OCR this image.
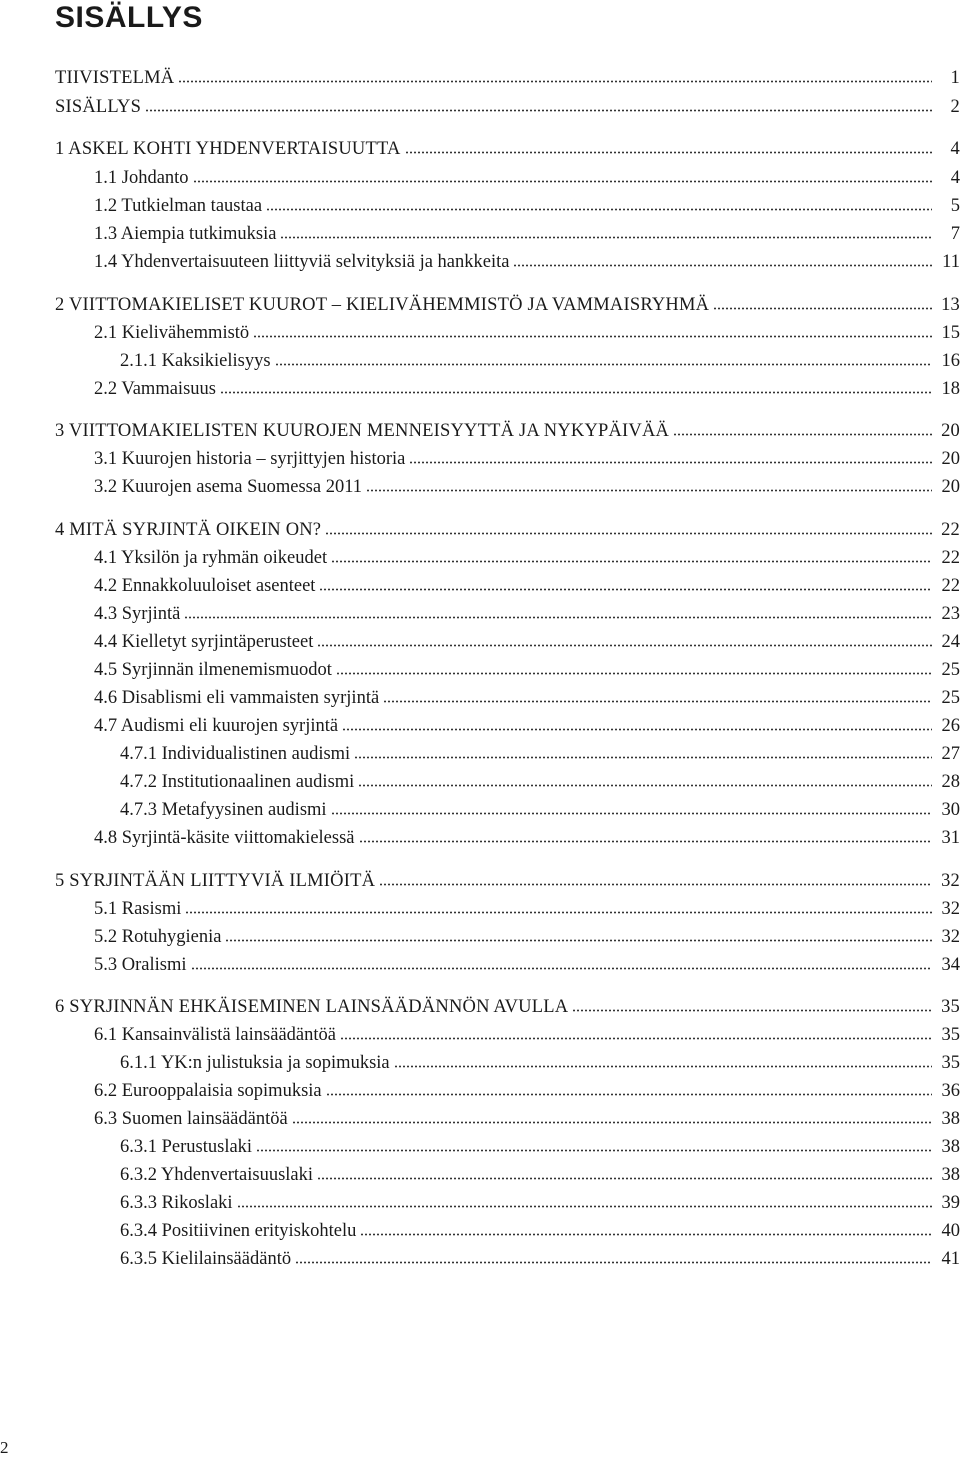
SISÄLLYS
TIIVISTELMÄ	1
SISÄLLYS	2
1 ASKEL KOHTI YHDENVERTAISUUTTA	4
1.1 Johdanto	4
1.2 Tutkielman taustaa	5
1.3 Aiempia tutkimuksia	7
1.4 Yhdenvertaisuuteen liittyviä selvityksiä ja hankkeita	11
2 VIITTOMAKIELISET KUUROT – KIELIVÄHEMMISTÖ JA VAMMAISRYHMÄ	13
2.1 Kielivähemmistö	15
2.1.1 Kaksikielisyys	16
2.2 Vammaisuus	18
3 VIITTOMAKIELISTEN KUUROJEN MENNEISYYTTÄ JA NYKYPÄIVÄÄ	20
3.1 Kuurojen historia – syrjittyjen historia	20
3.2 Kuurojen asema Suomessa 2011	20
4 MITÄ SYRJINTÄ OIKEIN ON?	22
4.1 Yksilön ja ryhmän oikeudet	22
4.2 Ennakkoluuloiset asenteet	22
4.3 Syrjintä	23
4.4 Kielletyt syrjintäperusteet	24
4.5 Syrjinnän ilmenemismuodot	25
4.6 Disablismi eli vammaisten syrjintä	25
4.7 Audismi eli kuurojen syrjintä	26
4.7.1 Individualistinen audismi	27
4.7.2 Institutionaalinen audismi	28
4.7.3 Metafyysinen audismi	30
4.8 Syrjintä-käsite viittomakielessä	31
5 SYRJINTÄÄN LIITTYVIÄ ILMIÖITÄ	32
5.1 Rasismi	32
5.2 Rotuhygienia	32
5.3 Oralismi	34
6 SYRJINNÄN EHKÄISEMINEN LAINSÄÄDÄNNÖN AVULLA	35
6.1 Kansainvälistä lainsäädäntöä	35
6.1.1 YK:n julistuksia ja sopimuksia	35
6.2 Eurooppalaisia sopimuksia	36
6.3 Suomen lainsäädäntöä	38
6.3.1 Perustuslaki	38
6.3.2 Yhdenvertaisuuslaki	38
6.3.3 Rikoslaki	39
6.3.4 Positiivinen erityiskohtelu	40
6.3.5 Kielilainsäädäntö	41
2
